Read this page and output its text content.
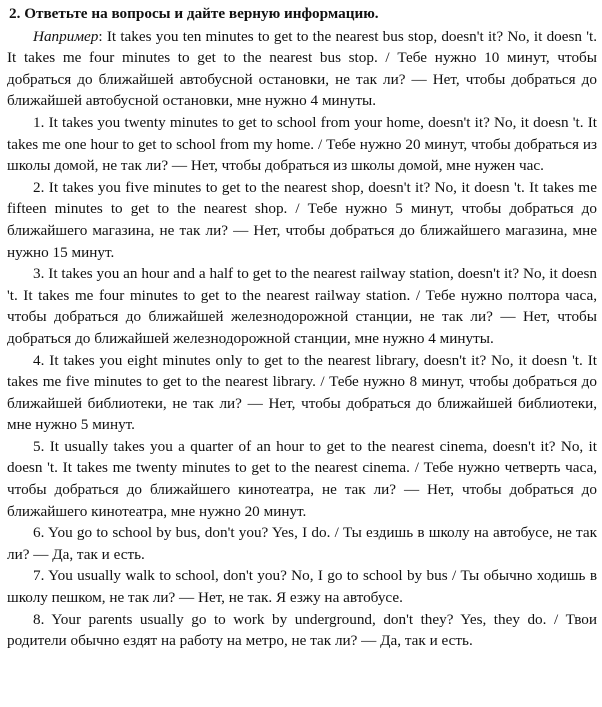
2. Ответьте на вопросы и дайте верную информацию.

Например: It takes you ten minutes to get to the nearest bus stop, doesn't it? No, it doesn 't. It takes me four minutes to get to the nearest bus stop. / Тебе нужно 10 минут, чтобы добраться до ближайшей автобусной остановки, не так ли? — Нет, чтобы добраться до ближайшей автобусной остановки, мне нужно 4 минуты.

1. It takes you twenty minutes to get to school from your home, doesn't it? No, it doesn 't. It takes me one hour to get to school from my home. / Тебе нужно 20 минут, чтобы добраться из школы домой, не так ли? — Нет, чтобы добраться из школы домой, мне нужен час.

2. It takes you five minutes to get to the nearest shop, doesn't it? No, it doesn 't. It takes me fifteen minutes to get to the nearest shop. / Тебе нужно 5 минут, чтобы добраться до ближайшего магазина, не так ли? — Нет, чтобы добраться до ближайшего магазина, мне нужно 15 минут.

3. It takes you an hour and a half to get to the nearest railway station, doesn't it? No, it doesn 't. It takes me four minutes to get to the nearest railway station. / Тебе нужно полтора часа, чтобы добраться до ближайшей железнодорожной станции, не так ли? — Нет, чтобы добраться до ближайшей железнодорожной станции, мне нужно 4 минуты.

4. It takes you eight minutes only to get to the nearest library, doesn't it? No, it doesn 't. It takes me five minutes to get to the nearest library. / Тебе нужно 8 минут, чтобы добраться до ближайшей библиотеки, не так ли? — Нет, чтобы добраться до ближайшей библиотеки, мне нужно 5 минут.

5. It usually takes you a quarter of an hour to get to the nearest cinema, doesn't it? No, it doesn 't. It takes me twenty minutes to get to the nearest cinema. / Тебе нужно четверть часа, чтобы добраться до ближайшего кинотеатра, не так ли? — Нет, чтобы добраться до ближайшего кинотеатра, мне нужно 20 минут.

6. You go to school by bus, don't you? Yes, I do. / Ты ездишь в школу на автобусе, не так ли? — Да, так и есть.

7. You usually walk to school, don't you? No, I go to school by bus / Ты обычно ходишь в школу пешком, не так ли? — Нет, не так. Я езжу на автобусе.

8. Your parents usually go to work by underground, don't they? Yes, they do. / Твои родители обычно ездят на работу на метро, не так ли? — Да, так и есть.
